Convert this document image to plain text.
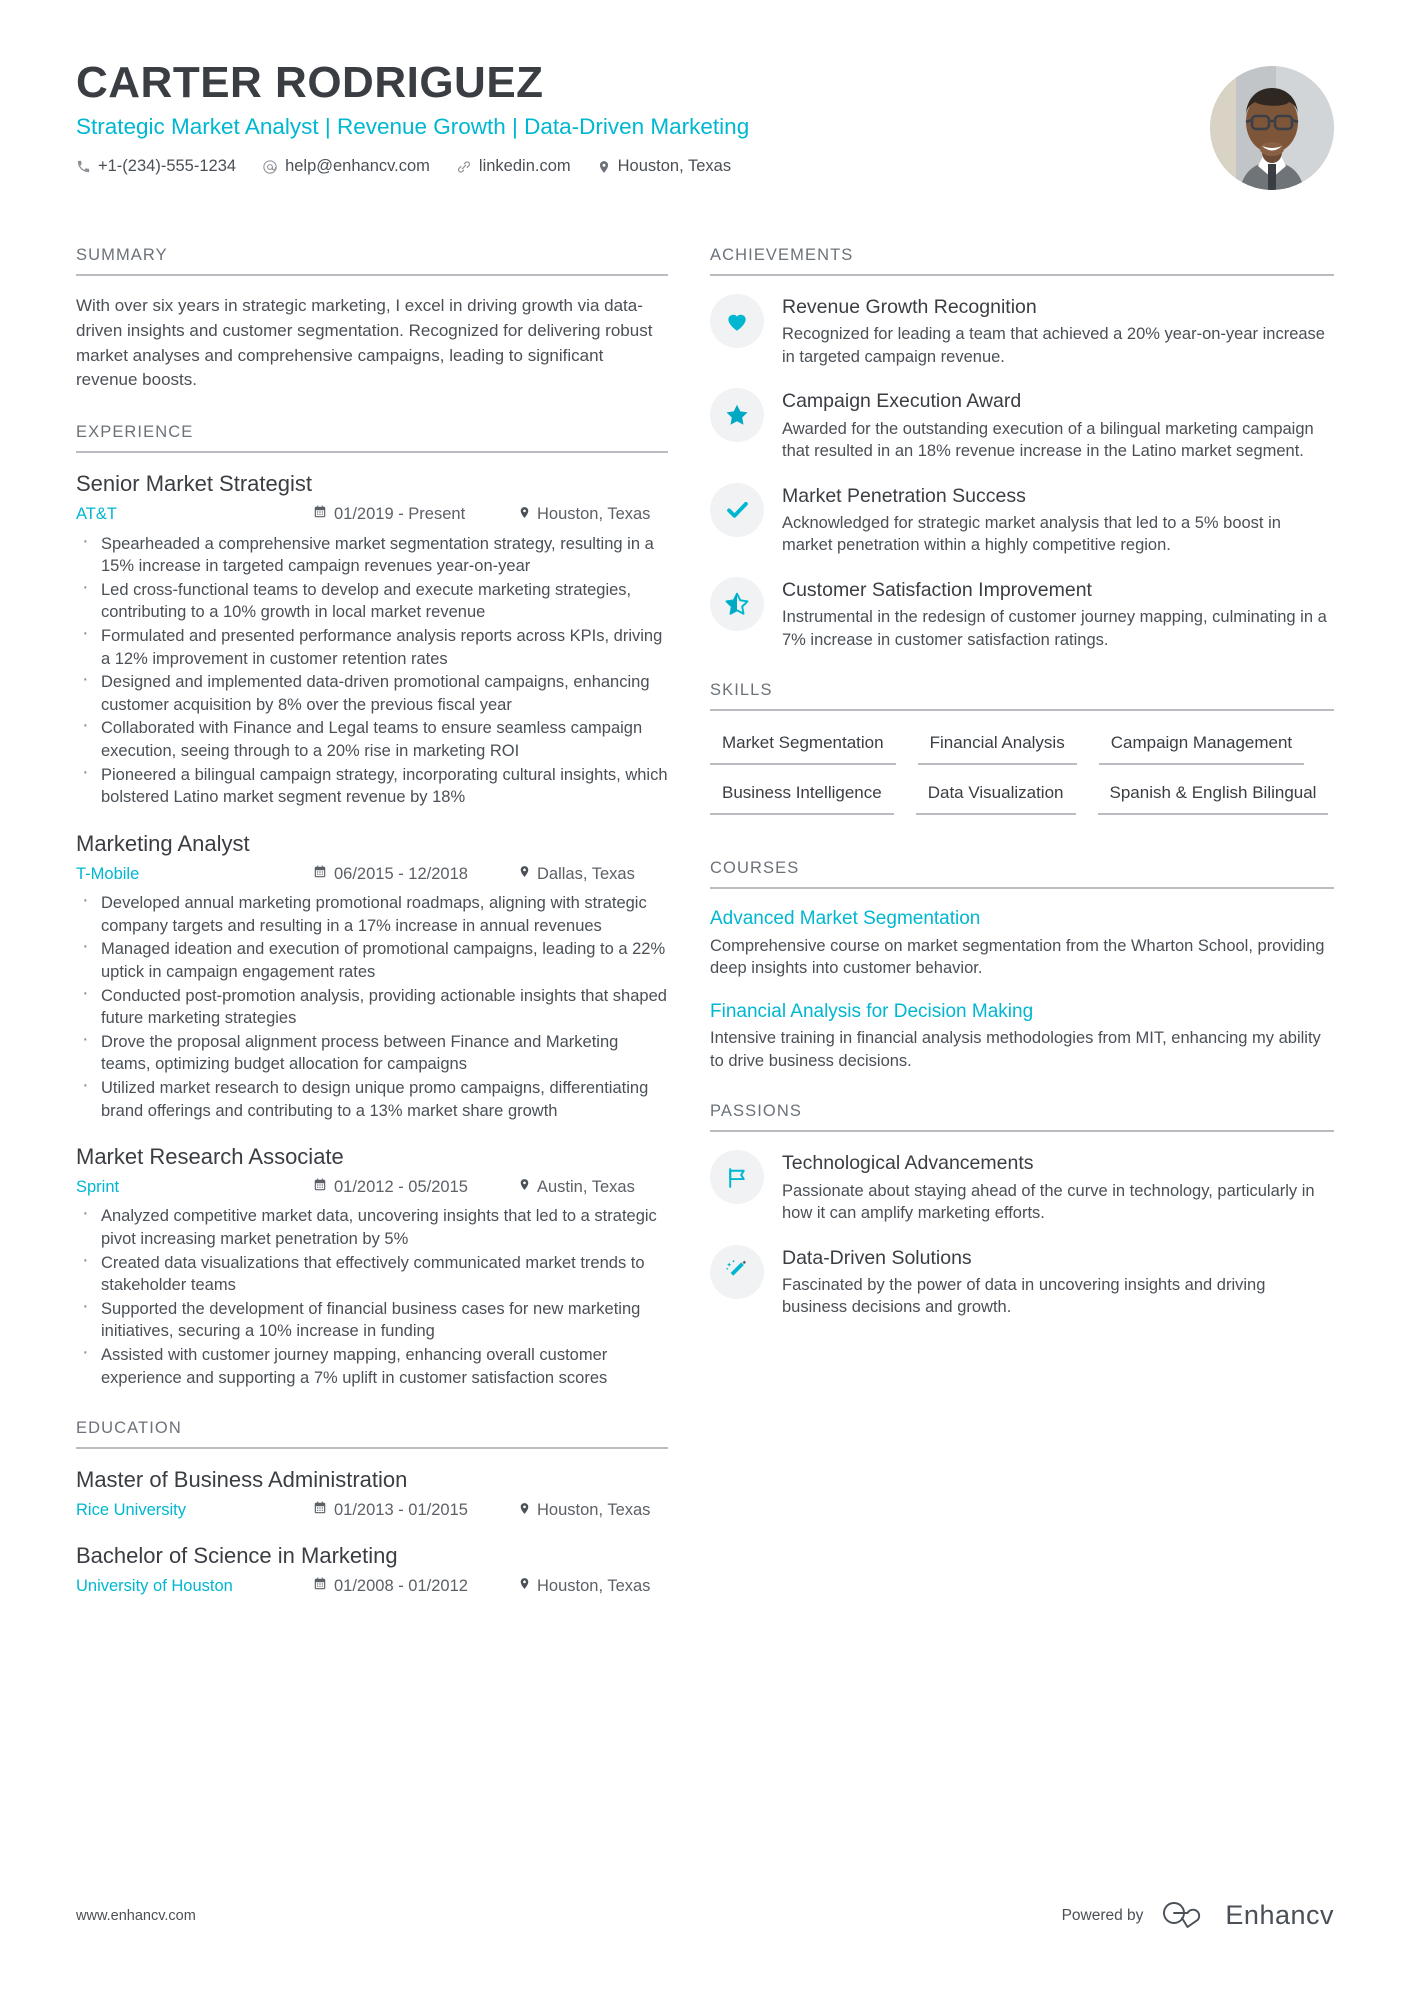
CARTER RODRIGUEZ
Strategic Market Analyst | Revenue Growth | Data-Driven Marketing
+1-(234)-555-1234	help@enhancv.com	linkedin.com	Houston, Texas
SUMMARY
With over six years in strategic marketing, I excel in driving growth via data-driven insights and customer segmentation. Recognized for delivering robust market analyses and comprehensive campaigns, leading to significant revenue boosts.
EXPERIENCE
Senior Market Strategist
AT&T	01/2019 - Present	Houston, Texas
· Spearheaded a comprehensive market segmentation strategy, resulting in a 15% increase in targeted campaign revenues year-on-year
· Led cross-functional teams to develop and execute marketing strategies, contributing to a 10% growth in local market revenue
· Formulated and presented performance analysis reports across KPIs, driving a 12% improvement in customer retention rates
· Designed and implemented data-driven promotional campaigns, enhancing customer acquisition by 8% over the previous fiscal year
· Collaborated with Finance and Legal teams to ensure seamless campaign execution, seeing through to a 20% rise in marketing ROI
· Pioneered a bilingual campaign strategy, incorporating cultural insights, which bolstered Latino market segment revenue by 18%
Marketing Analyst
T-Mobile	06/2015 - 12/2018	Dallas, Texas
· Developed annual marketing promotional roadmaps, aligning with strategic company targets and resulting in a 17% increase in annual revenues
· Managed ideation and execution of promotional campaigns, leading to a 22% uptick in campaign engagement rates
· Conducted post-promotion analysis, providing actionable insights that shaped future marketing strategies
· Drove the proposal alignment process between Finance and Marketing teams, optimizing budget allocation for campaigns
· Utilized market research to design unique promo campaigns, differentiating brand offerings and contributing to a 13% market share growth
Market Research Associate
Sprint	01/2012 - 05/2015	Austin, Texas
· Analyzed competitive market data, uncovering insights that led to a strategic pivot increasing market penetration by 5%
· Created data visualizations that effectively communicated market trends to stakeholder teams
· Supported the development of financial business cases for new marketing initiatives, securing a 10% increase in funding
· Assisted with customer journey mapping, enhancing overall customer experience and supporting a 7% uplift in customer satisfaction scores
EDUCATION
Master of Business Administration
Rice University	01/2013 - 01/2015	Houston, Texas
Bachelor of Science in Marketing
University of Houston	01/2008 - 01/2012	Houston, Texas
ACHIEVEMENTS
Revenue Growth Recognition
Recognized for leading a team that achieved a 20% year-on-year increase in targeted campaign revenue.
Campaign Execution Award
Awarded for the outstanding execution of a bilingual marketing campaign that resulted in an 18% revenue increase in the Latino market segment.
Market Penetration Success
Acknowledged for strategic market analysis that led to a 5% boost in market penetration within a highly competitive region.
Customer Satisfaction Improvement
Instrumental in the redesign of customer journey mapping, culminating in a 7% increase in customer satisfaction ratings.
SKILLS
Market Segmentation	Financial Analysis	Campaign Management
Business Intelligence	Data Visualization	Spanish & English Bilingual
COURSES
Advanced Market Segmentation
Comprehensive course on market segmentation from the Wharton School, providing deep insights into customer behavior.
Financial Analysis for Decision Making
Intensive training in financial analysis methodologies from MIT, enhancing my ability to drive business decisions.
PASSIONS
Technological Advancements
Passionate about staying ahead of the curve in technology, particularly in how it can amplify marketing efforts.
Data-Driven Solutions
Fascinated by the power of data in uncovering insights and driving business decisions and growth.
www.enhancv.com	Powered by	Enhancv
